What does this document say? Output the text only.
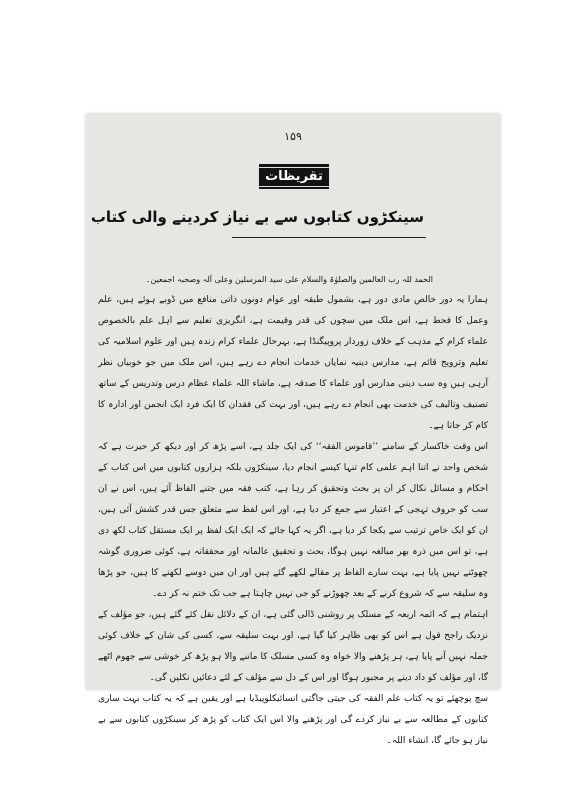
۱۵۹
تقریظات
سینکڑوں کتابوں سے بے نیاز کردینے والی کتاب

الحمد للہ رب العالمین والصلوٰۃ والسلام علی سید المرسلین وعلی آلہ وصحبہ اجمعین۔

ہمارا یہ دور خالص مادی دور ہے، بشمول طبقہ اور عوام دونوں ذاتی منافع میں ڈوبے ہوئے ہیں، علم وعمل کا قحط ہے، اس ملک میں سچوں کی قدر وقیمت ہے، انگریزی تعلیم سے اہل علم بالخصوص علماء کرام کے مذہب کے خلاف زوردار پروپیگنڈا ہے، بہرحال علماء کرام زندہ ہیں اور علوم اسلامیہ کی تعلیم وترویج قائم ہے، مدارس دینیہ نمایاں خدمات انجام دے رہے ہیں، اس ملک میں جو خوبیاں نظر آرہی ہیں وہ سب دینی مدارس اور علماء کا صدقہ ہے، ماشاء اللہ علماء عظام درس وتدریس کے ساتھ تصنیف وتالیف کی خدمت بھی انجام دے رہے ہیں، اور بہت کی فقدان کا ایک فرد ایک انجمن اور ادارہ کا کام کر جاتا ہے۔

اس وقت خاکسار کے سامنے ’’قاموس الفقہ‘‘ کی ایک جلد ہے، اسے پڑھ کر اور دیکھ کر حیرت ہے کہ شخص واحد نے اتنا اہم علمی کام تنہا کیسے انجام دیا، سینکڑوں بلکہ ہزاروں کتابوں میں اس کتاب کے احکام و مسائل نکال کر ان پر بحث وتحقیق کر رہا ہے، کتب فقہ میں جتنے الفاظ آئے ہیں، اس نے ان سب کو حروف تہجی کے اعتبار سے جمع کر دیا ہے، اور اس لفظ سے متعلق جس قدر کشش آئی ہیں، ان کو ایک خاص ترتیب سے یکجا کر دیا ہے، اگر یہ کہا جائے کہ ایک ایک لفظ پر ایک مستقل کتاب لکھ دی ہے، تو اس میں ذرہ بھر مبالغہ نہیں ہوگا، بحث و تحقیق عالمانہ اور محققانہ ہے، کوئی ضروری گوشہ چھوٹنے نہیں پایا ہے، بہت سارے الفاظ پر مقالے لکھے گئے ہیں اور ان میں دوسے لکھنے کا ہیں، جو پڑھا وہ سلیقہ سے کہ شروع کرنے کے بعد چھوڑنے کو جی نہیں چاہتا ہے جب تک ختم نہ کر دے۔

اہتمام ہے کہ ائمہ اربعہ کے مسلک پر روشنی ڈالی گئی ہے، ان کے دلائل نقل کئے گئے ہیں، جو مؤلف کے نزدیک راجح قول ہے اس کو بھی ظاہر کیا گیا ہے، اور بہت سلیقہ سے، کسی کی شان کے خلاف کوئی جملہ نہیں آنے پایا ہے، ہر پڑھنے والا خواہ وہ کسی مسلک کا ماننے والا ہو پڑھ کر خوشی سے جھوم اٹھے گا، اور مؤلف کو داد دینے پر مجبور ہوگا اور اس کے دل سے مؤلف کے لئے دعائیں نکلیں گی۔

سچ پوچھئے تو یہ کتاب علم الفقہ کی جیتی جاگتی انسائیکلوپیڈیا ہے اور یقین ہے کہ یہ کتاب بہت ساری کتابوں کے مطالعہ سے بے نیاز کردے گی اور پڑھنے والا اس ایک کتاب کو پڑھ کر سینکڑوں کتابوں سے بے نیاز ہو جائے گا، انشاء اللہ۔
